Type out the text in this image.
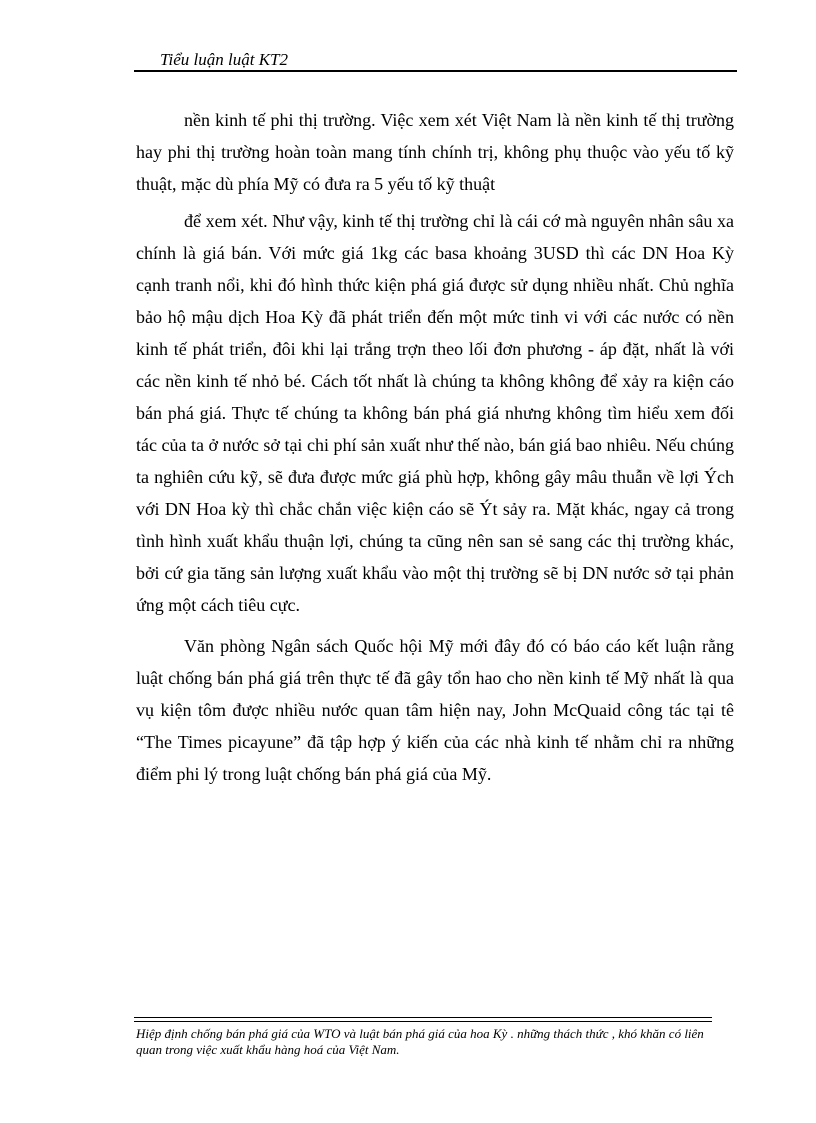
Tiểu luận luật KT2

nền kinh tế phi thị trường. Việc xem xét Việt Nam là nền kinh tế thị trường hay phi thị trường hoàn toàn mang tính chính trị, không phụ thuộc vào yếu tố kỹ thuật, mặc dù phía Mỹ có đưa ra 5 yếu tố kỹ thuật

để xem xét. Như vậy, kinh tế thị trường chỉ là cái cớ mà nguyên nhân sâu xa chính là giá bán. Với mức giá 1kg các basa khoảng 3USD thì các DN Hoa Kỳ cạnh tranh nổi, khi đó hình thức kiện phá giá được sử dụng nhiều nhất. Chủ nghĩa bảo hộ mậu dịch Hoa Kỳ đã phát triển đến một mức tinh vi với các nước có nền kinh tế phát triển, đôi khi lại trắng trợn theo lối đơn phương - áp đặt, nhất là với các nền kinh tế nhỏ bé. Cách tốt nhất là chúng ta không không để xảy ra kiện cáo bán phá giá. Thực tế chúng ta không bán phá giá nhưng không tìm hiểu xem đối tác của ta ở nước sở tại chi phí sản xuất như thế nào, bán giá bao nhiêu. Nếu chúng ta nghiên cứu kỹ, sẽ đưa được mức giá phù hợp, không gây mâu thuẫn về lợi Ých với DN Hoa kỳ thì chắc chắn việc kiện cáo sẽ Ýt sảy ra. Mặt khác, ngay cả trong tình hình xuất khẩu thuận lợi, chúng ta cũng nên san sẻ sang các thị trường khác, bởi cứ gia tăng sản lượng xuất khẩu vào một thị trường sẽ bị DN nước sở tại phản ứng một cách tiêu cực.

Văn phòng Ngân sách Quốc hội Mỹ mới đây đó có báo cáo kết luận rằng luật chống bán phá giá trên thực tế đã gây tổn hao cho nền kinh tế Mỹ nhất là qua vụ kiện tôm được nhiều nước quan tâm hiện nay, John McQuaid công tác tại tê “The Times picayune” đã tập hợp ý kiến của các nhà kinh tế nhằm chỉ ra những điểm phi lý trong luật chống bán phá giá của Mỹ.

Hiệp định chống bán phá giá của WTO và luật bán phá giá của hoa Kỳ . những thách thức , khó khăn có liên quan trong việc xuất khẩu hàng hoá của Việt Nam.
